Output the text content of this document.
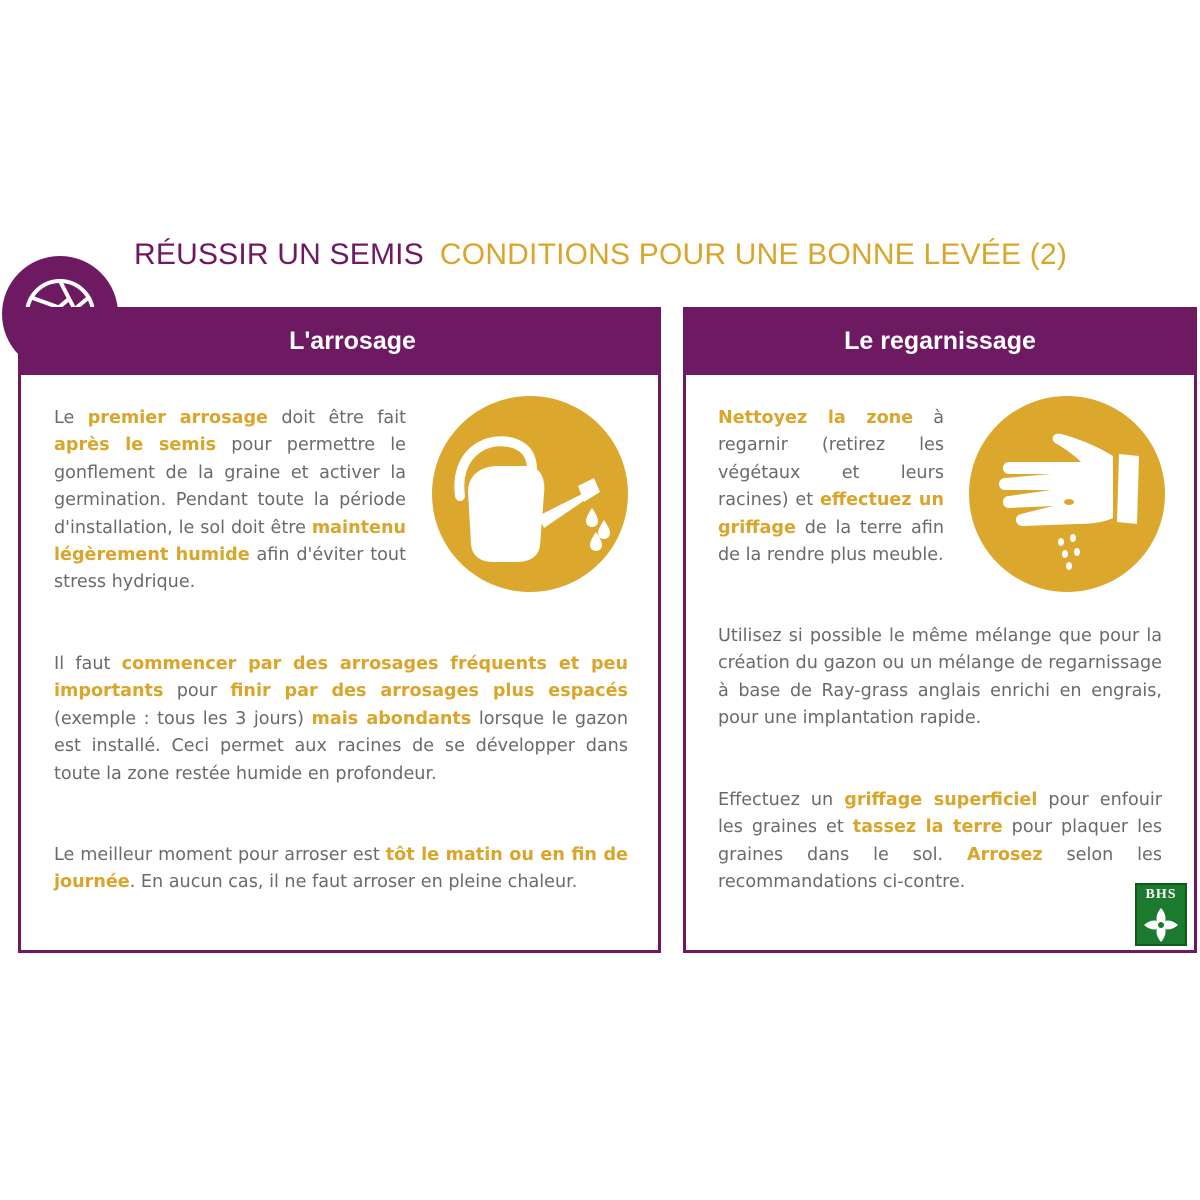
RÉUSSIR UN SEMIS CONDITIONS POUR UNE BONNE LEVÉE (2)
L'arrosage

Le premier arrosage doit être fait après le semis pour permettre le gonflement de la graine et activer la germination. Pendant toute la période d'installation, le sol doit être maintenu légèrement humide afin d'éviter tout stress hydrique.

Il faut commencer par des arrosages fréquents et peu importants pour finir par des arrosages plus espacés (exemple : tous les 3 jours) mais abondants lorsque le gazon est installé. Ceci permet aux racines de se développer dans toute la zone restée humide en profondeur.

Le meilleur moment pour arroser est tôt le matin ou en fin de journée. En aucun cas, il ne faut arroser en pleine chaleur.

Le regarnissage

Nettoyez la zone à regarnir (retirez les végétaux et leurs racines) et effectuez un griffage de la terre afin de la rendre plus meuble.

Utilisez si possible le même mélange que pour la création du gazon ou un mélange de regarnissage à base de Ray-grass anglais enrichi en engrais, pour une implantation rapide.

Effectuez un griffage superficiel pour enfouir les graines et tassez la terre pour plaquer les graines dans le sol. Arrosez selon les recommandations ci-contre.

BHS
